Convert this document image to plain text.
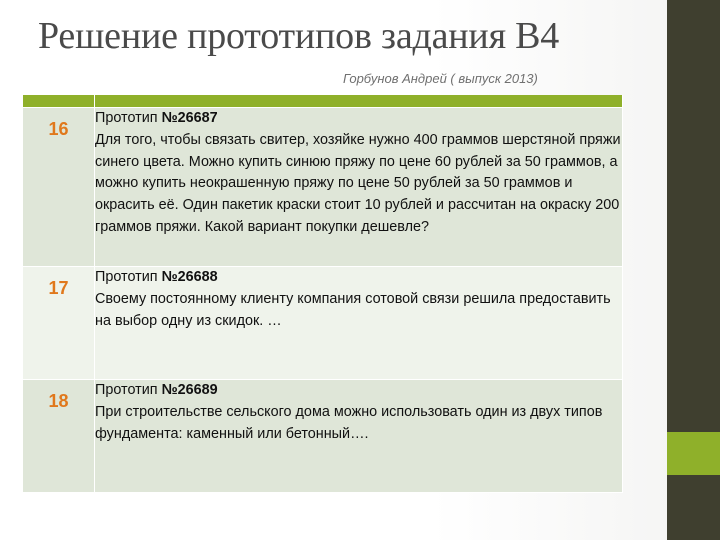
Решение прототипов задания В4
Горбунов Андрей ( выпуск 2013)

16	Прототип №26687
Для того, чтобы связать свитер, хозяйке нужно 400 граммов шерстяной пряжи синего цвета. Можно купить синюю пряжу по цене 60 рублей за 50 граммов, а можно купить неокрашенную пряжу по цене 50 рублей за 50 граммов и окрасить её. Один пакетик краски стоит 10 рублей и рассчитан на окраску 200 граммов пряжи. Какой вариант покупки дешевле?

17	Прототип №26688
Своему постоянному клиенту компания сотовой связи решила предоставить на выбор одну из скидок. …

18	Прототип №26689
При строительстве сельского дома можно использовать один из двух типов фундамента: каменный или бетонный….
